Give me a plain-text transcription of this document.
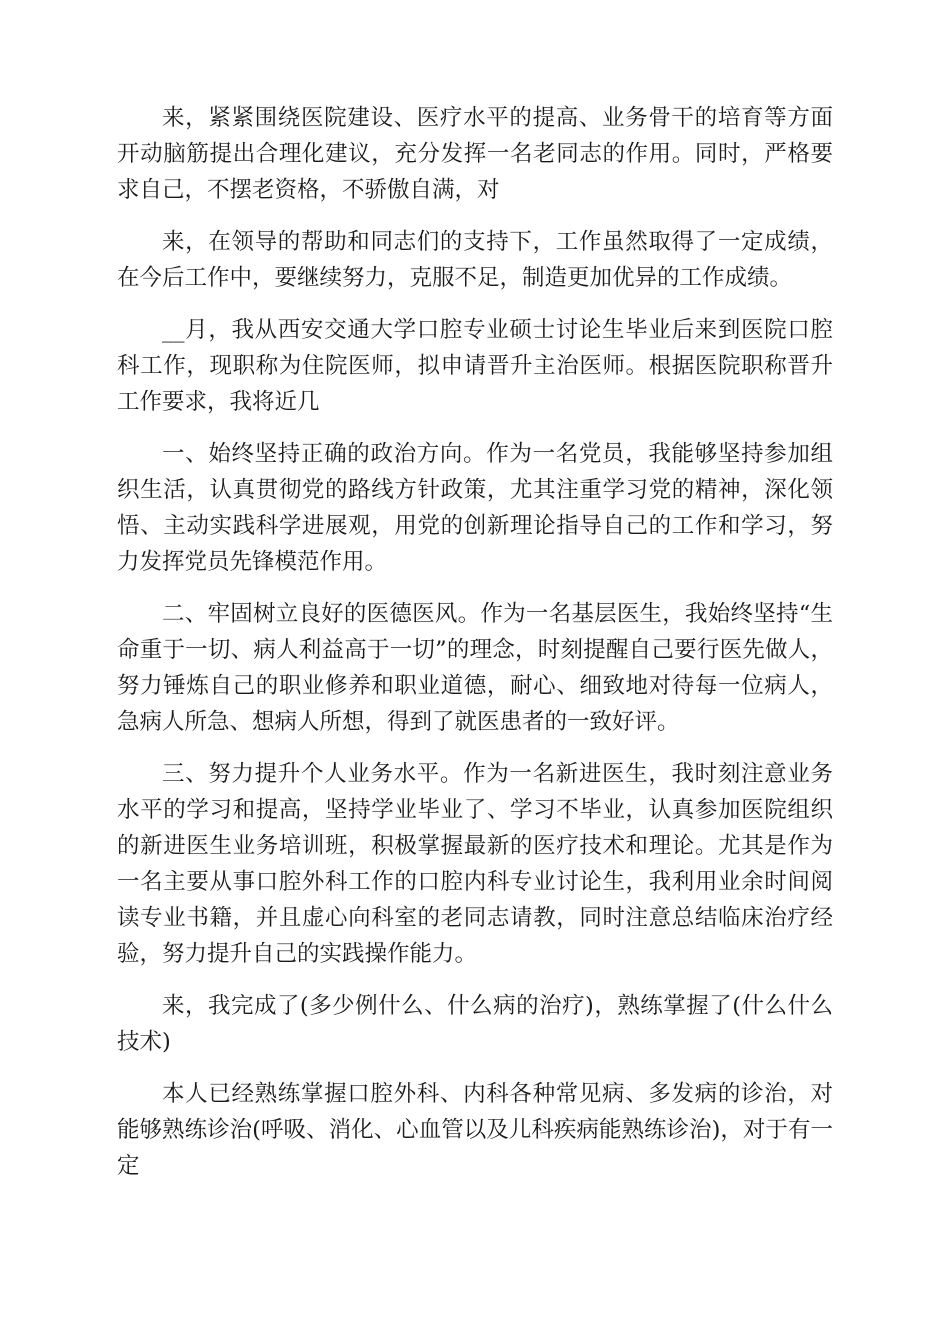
来，紧紧围绕医院建设、医疗水平的提高、业务骨干的培育等方面开动脑筋提出合理化建议，充分发挥一名老同志的作用。同时，严格要求自己，不摆老资格，不骄傲自满，对

来，在领导的帮助和同志们的支持下，工作虽然取得了一定成绩，在今后工作中，要继续努力，克服不足，制造更加优异的工作成绩。

__月，我从西安交通大学口腔专业硕士讨论生毕业后来到医院口腔科工作，现职称为住院医师，拟申请晋升主治医师。根据医院职称晋升工作要求，我将近几

一、始终坚持正确的政治方向。作为一名党员，我能够坚持参加组织生活，认真贯彻党的路线方针政策，尤其注重学习党的精神，深化领悟、主动实践科学进展观，用党的创新理论指导自己的工作和学习，努力发挥党员先锋模范作用。

二、牢固树立良好的医德医风。作为一名基层医生，我始终坚持“生命重于一切、病人利益高于一切”的理念，时刻提醒自己要行医先做人，努力锤炼自己的职业修养和职业道德，耐心、细致地对待每一位病人，急病人所急、想病人所想，得到了就医患者的一致好评。

三、努力提升个人业务水平。作为一名新进医生，我时刻注意业务水平的学习和提高，坚持学业毕业了、学习不毕业，认真参加医院组织的新进医生业务培训班，积极掌握最新的医疗技术和理论。尤其是作为一名主要从事口腔外科工作的口腔内科专业讨论生，我利用业余时间阅读专业书籍，并且虚心向科室的老同志请教，同时注意总结临床治疗经验，努力提升自己的实践操作能力。

来，我完成了(多少例什么、什么病的治疗)，熟练掌握了(什么什么技术)

本人已经熟练掌握口腔外科、内科各种常见病、多发病的诊治，对能够熟练诊治(呼吸、消化、心血管以及儿科疾病能熟练诊治)，对于有一定
